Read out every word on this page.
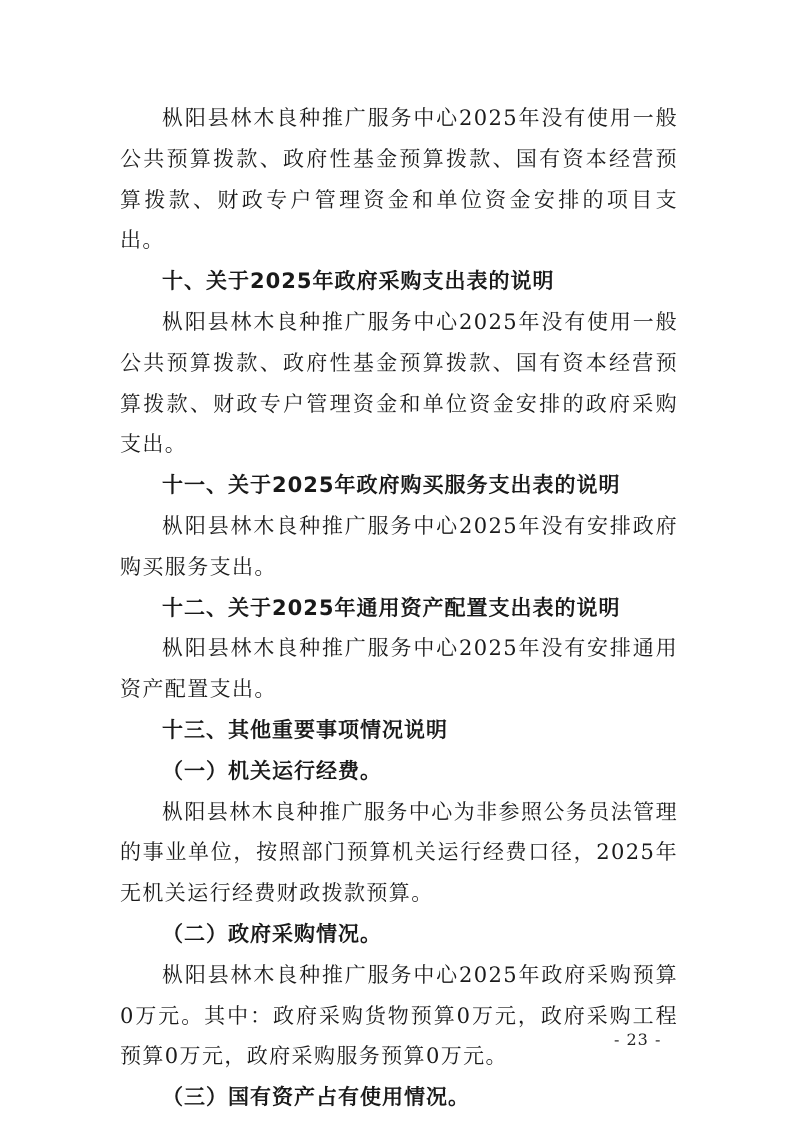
枞阳县林木良种推广服务中心2025年没有使用一般公共预算拨款、政府性基金预算拨款、国有资本经营预算拨款、财政专户管理资金和单位资金安排的项目支出。

十、关于2025年政府采购支出表的说明

枞阳县林木良种推广服务中心2025年没有使用一般公共预算拨款、政府性基金预算拨款、国有资本经营预算拨款、财政专户管理资金和单位资金安排的政府采购支出。

十一、关于2025年政府购买服务支出表的说明

枞阳县林木良种推广服务中心2025年没有安排政府购买服务支出。

十二、关于2025年通用资产配置支出表的说明

枞阳县林木良种推广服务中心2025年没有安排通用资产配置支出。

十三、其他重要事项情况说明

（一）机关运行经费。

枞阳县林木良种推广服务中心为非参照公务员法管理的事业单位，按照部门预算机关运行经费口径，2025年无机关运行经费财政拨款预算。

（二）政府采购情况。

枞阳县林木良种推广服务中心2025年政府采购预算0万元。其中：政府采购货物预算0万元，政府采购工程预算0万元，政府采购服务预算0万元。

（三）国有资产占有使用情况。

- 23 -
